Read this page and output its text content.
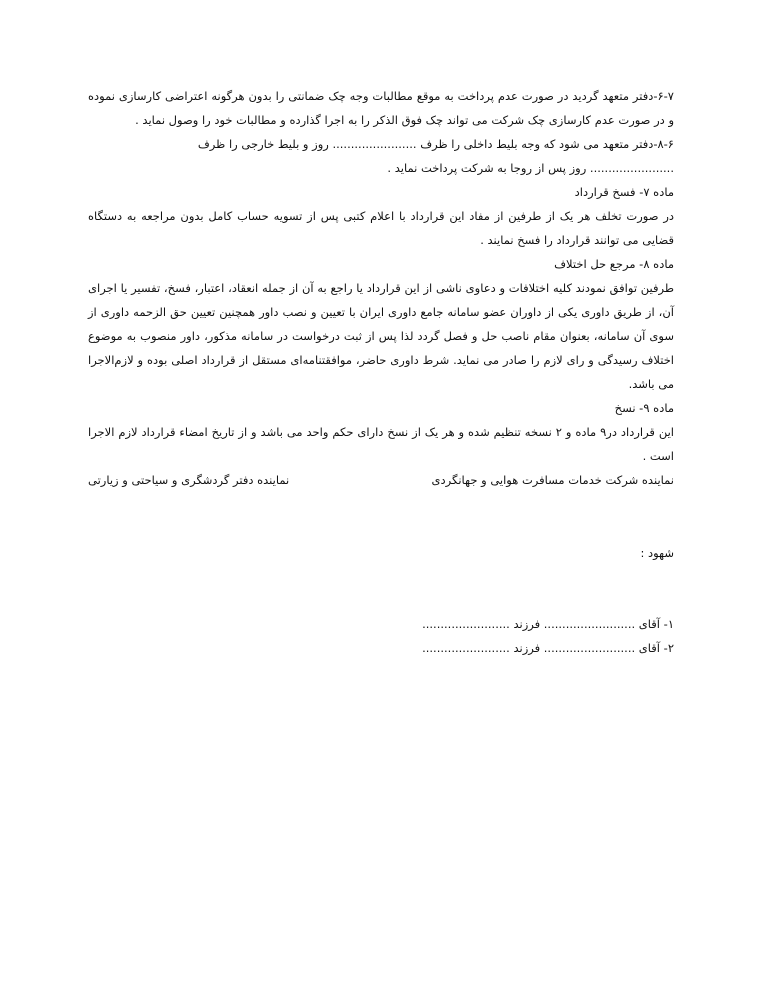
۶-۷-دفتر متعهد گردید در صورت عدم پرداخت به موقع مطالبات وجه چک ضمانتی را بدون هرگونه اعتراضی کارسازی نموده و در صورت عدم کارسازی چک شرکت می تواند چک فوق الذکر را به اجرا گذارده و مطالبات خود را وصول نماید .

۸-۶-دفتر متعهد می شود که وجه بلیط داخلی را ظرف ....................... روز و بلیط خارجی را ظرف

....................... روز پس از روجا به شرکت پرداخت نماید .

ماده ۷- فسخ قرارداد

در صورت تخلف هر یک از طرفین از مفاد این قرارداد با اعلام کتبی پس از تسویه حساب کامل بدون مراجعه به دستگاه قضایی می توانند قرارداد را فسخ نمایند .

ماده ۸- مرجع حل اختلاف

طرفین توافق نمودند کلیه اختلافات و دعاوی ناشی از این قرارداد یا راجع به آن از جمله انعقاد، اعتبار، فسخ، تفسیر یا اجرای آن، از طریق داوری یکی از داوران عضو سامانه جامع داوری ایران با تعیین و نصب داور همچنین تعیین حق الزحمه داوری از سوی آن سامانه، بعنوان مقام ناصب حل و فصل گردد لذا پس از ثبت درخواست در سامانه مذکور، داور منصوب به موضوع اختلاف رسیدگی و رای لازم را صادر می نماید. شرط داوری حاضر، موافقتنامه‌ای مستقل از قرارداد اصلی بوده و لازم‌الاجرا می باشد.

ماده ۹- نسخ

این قرارداد در۹ ماده و ۲ نسخه تنظیم شده و هر یک از نسخ دارای حکم واحد می باشد و از تاریخ امضاء قرارداد لازم الاجرا است .

نماینده شرکت خدمات مسافرت هوایی و جهانگردی
نماینده دفتر گردشگری و سیاحتی و زیارتی
شهود :
۱- آقای ......................... فرزند ........................
۲- آقای ......................... فرزند ........................
